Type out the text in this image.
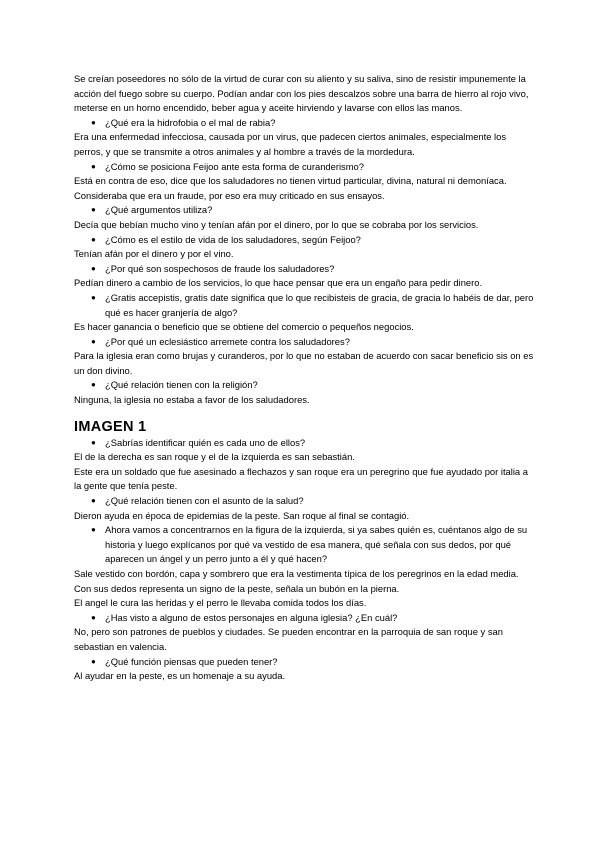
Se creían poseedores no sólo de la virtud de curar con su aliento y su saliva, sino de resistir impunemente la acción del fuego sobre su cuerpo. Podían andar con los pies descalzos sobre una barra de hierro al rojo vivo, meterse en un horno encendido, beber agua y aceite hirviendo y lavarse con ellos las manos.

● ¿Qué era la hidrofobia o el mal de rabia?

Era una enfermedad infecciosa, causada por un virus, que padecen ciertos animales, especialmente los perros, y que se transmite a otros animales y al hombre a través de la mordedura.

● ¿Cómo se posiciona Feijoo ante esta forma de curanderismo?

Está en contra de eso, dice que los saludadores no tienen virtud particular, divina, natural ni demoníaca. Consideraba que era un fraude, por eso era muy criticado en sus ensayos.

● ¿Qué argumentos utiliza?

Decía que bebían mucho vino y tenían afán por el dinero, por lo que se cobraba por los servicios.

● ¿Cómo es el estilo de vida de los saludadores, según Feijoo?

Tenían afán por el dinero y por el vino.

● ¿Por qué son sospechosos de fraude los saludadores?

Pedían dinero a cambio de los servicios, lo que hace pensar que era un engaño para pedir dinero.

● ¿Gratis accepistis, gratis date significa que lo que recibisteis de gracia, de gracia lo habéis de dar, pero qué es hacer granjería de algo?

Es hacer ganancia o beneficio que se obtiene del comercio o pequeños negocios.

● ¿Por qué un eclesiástico arremete contra los saludadores?

Para la iglesia eran como brujas y curanderos, por lo que no estaban de acuerdo con sacar beneficio sis on es un don divino.

● ¿Qué relación tienen con la religión?

Ninguna, la iglesia no estaba a favor de los saludadores.

IMAGEN 1

● ¿Sabrías identificar quién es cada uno de ellos?

El de la derecha es san roque y el de la izquierda es san sebastián.

Este era un soldado que fue asesinado a flechazos y san roque era un peregrino que fue ayudado por italia a la gente que tenía peste.

● ¿Qué relación tienen con el asunto de la salud?

Dieron ayuda en época de epidemias de la peste. San roque al final se contagió.

● Ahora vamos a concentrarnos en la figura de la izquierda, si ya sabes quién es, cuéntanos algo de su historia y luego explícanos por qué va vestido de esa manera, qué señala con sus dedos, por qué aparecen un ángel y un perro junto a él y qué hacen?

Sale vestido con bordón, capa y sombrero que era la vestimenta típica de los peregrinos en la edad media.

Con sus dedos representa un signo de la peste, señala un bubón en la pierna.

El angel le cura las heridas y el perro le llevaba comida todos los días.

● ¿Has visto a alguno de estos personajes en alguna iglesia? ¿En cuál?

No, pero son patrones de pueblos y ciudades. Se pueden encontrar en la parroquia de san roque y san sebastian en valencia.

● ¿Qué función piensas que pueden tener?

Al ayudar en la peste, es un homenaje a su ayuda.
